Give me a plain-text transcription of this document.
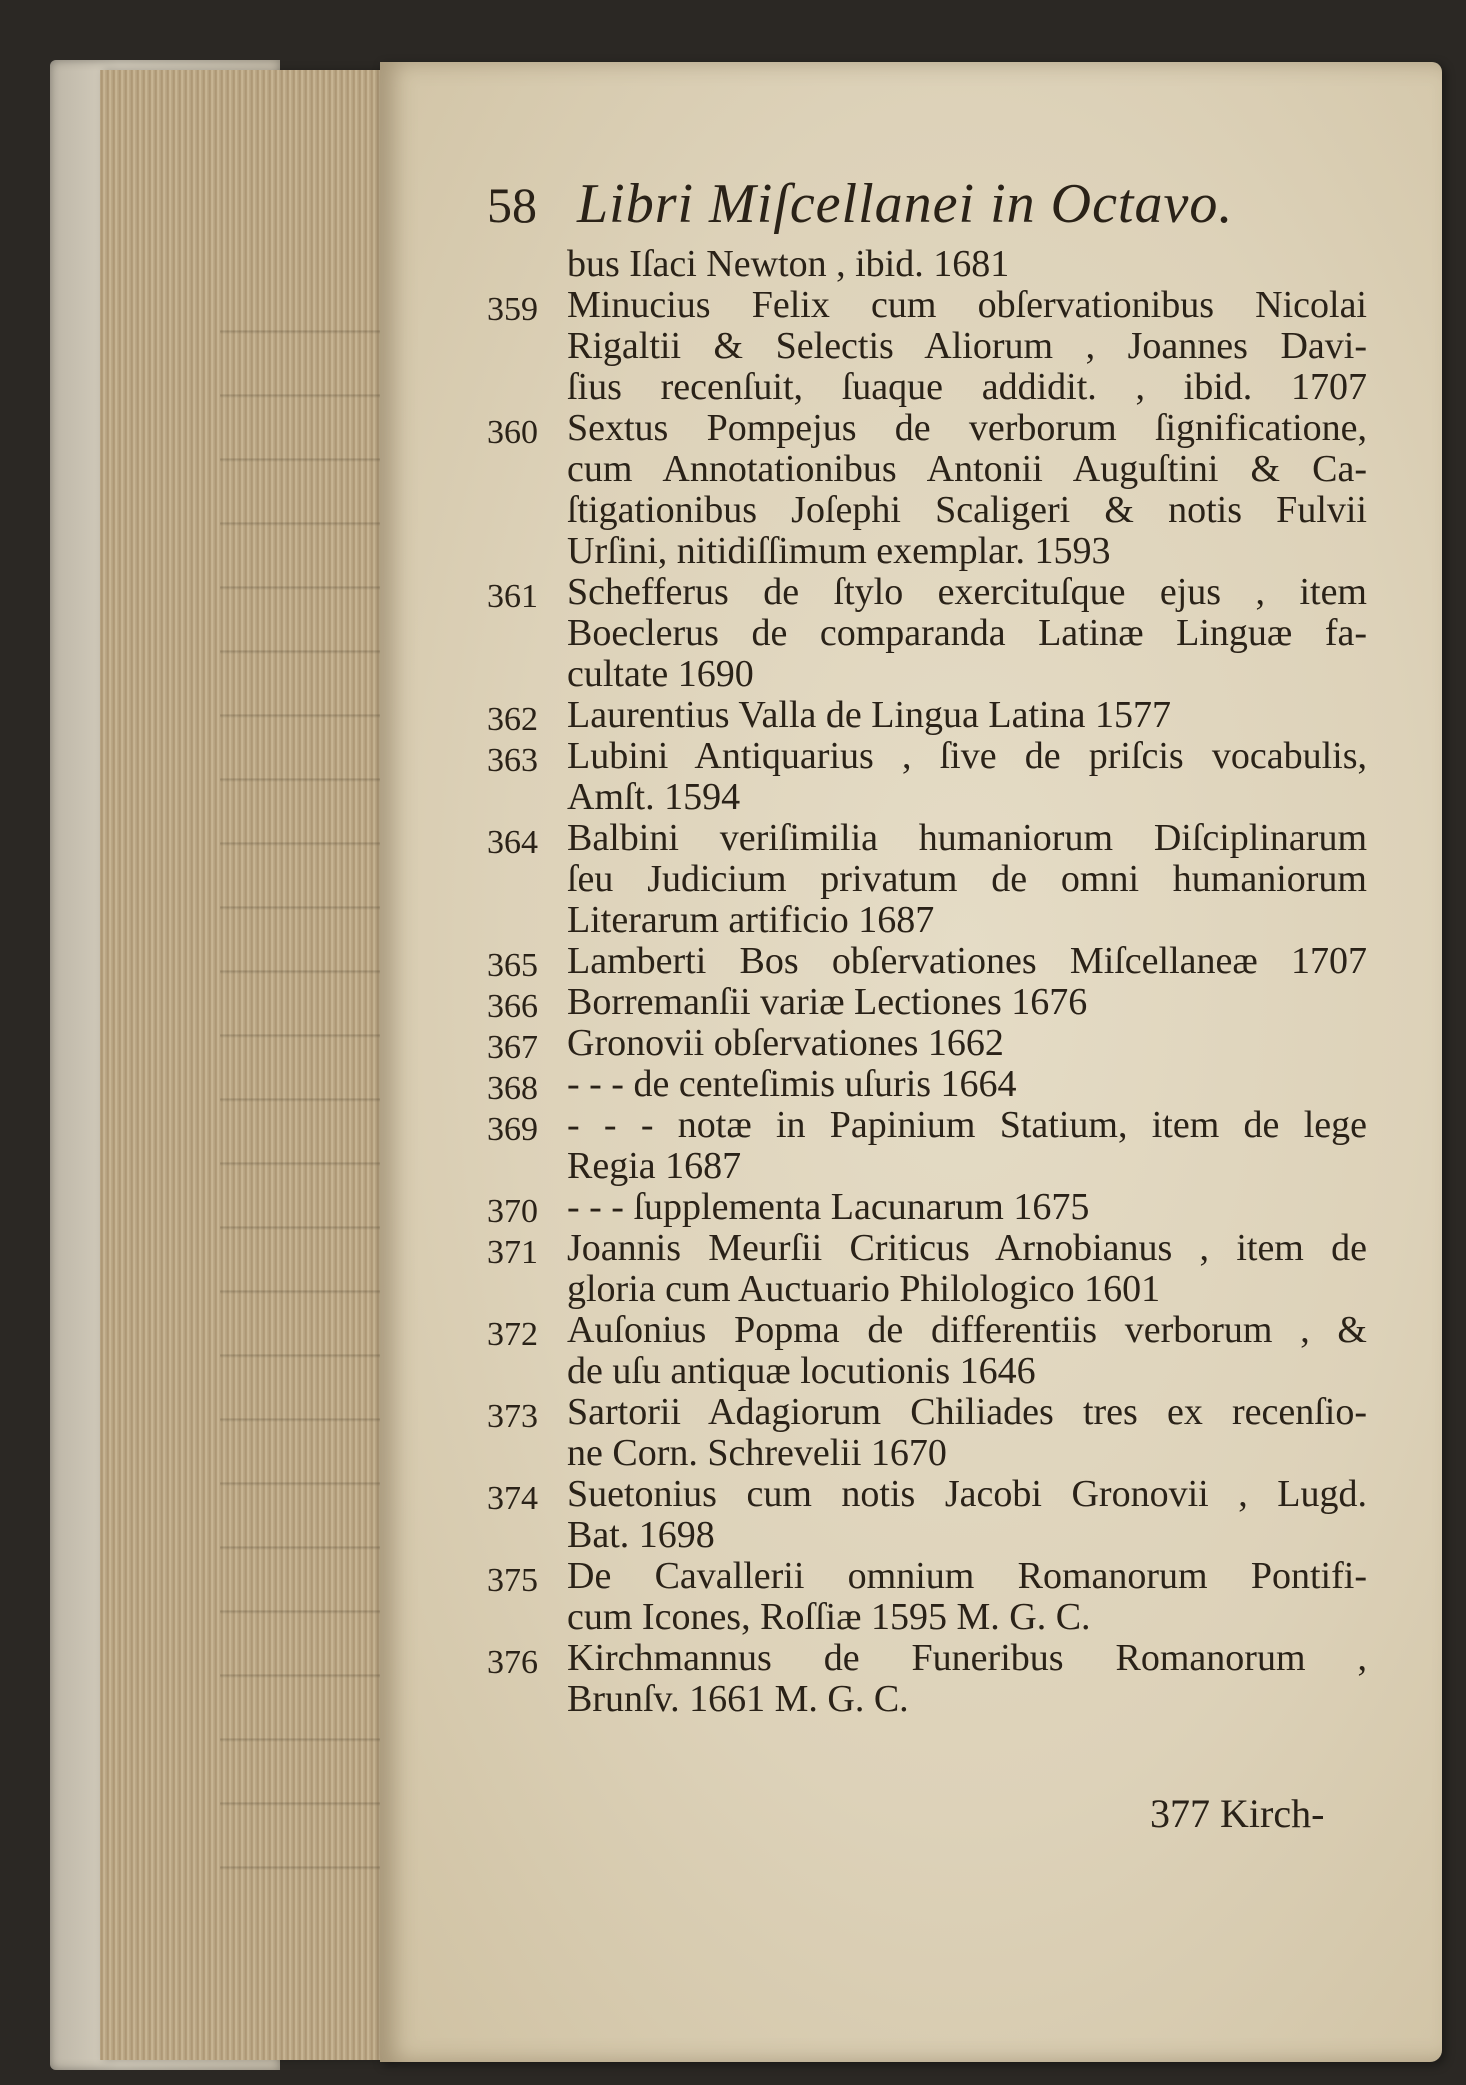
58 Libri Miſcellanei in Octavo.
bus Iſaci Newton , ibid. 1681
359 Minucius Felix cum obſervationibus Nicolai
Rigaltii & Selectis Aliorum , Joannes Davi-
ſius recenſuit, ſuaque addidit. , ibid. 1707
360 Sextus Pompejus de verborum ſignificatione,
cum Annotationibus Antonii Auguſtini & Ca-
ſtigationibus Joſephi Scaligeri & notis Fulvii
Urſini, nitidiſſimum exemplar. 1593
361 Schefferus de ſtylo exercituſque ejus , item
Boeclerus de comparanda Latinæ Linguæ fa-
cultate 1690
362 Laurentius Valla de Lingua Latina 1577
363 Lubini Antiquarius , ſive de priſcis vocabulis,
Amſt. 1594
364 Balbini veriſimilia humaniorum Diſciplinarum
ſeu Judicium privatum de omni humaniorum
Literarum artificio 1687
365 Lamberti Bos obſervationes Miſcellaneæ 1707
366 Borremanſii variæ Lectiones 1676
367 Gronovii obſervationes 1662
368 - - - de centeſimis uſuris 1664
369 - - - notæ in Papinium Statium, item de lege
Regia 1687
370 - - - ſupplementa Lacunarum 1675
371 Joannis Meurſii Criticus Arnobianus , item de
gloria cum Auctuario Philologico 1601
372 Auſonius Popma de differentiis verborum , &
de uſu antiquæ locutionis 1646
373 Sartorii Adagiorum Chiliades tres ex recenſio-
ne Corn. Schrevelii 1670
374 Suetonius cum notis Jacobi Gronovii , Lugd.
Bat. 1698
375 De Cavallerii omnium Romanorum Pontifi-
cum Icones, Roſſiæ 1595 M. G. C.
376 Kirchmannus de Funeribus Romanorum ,
Brunſv. 1661 M. G. C.
377 Kirch-
